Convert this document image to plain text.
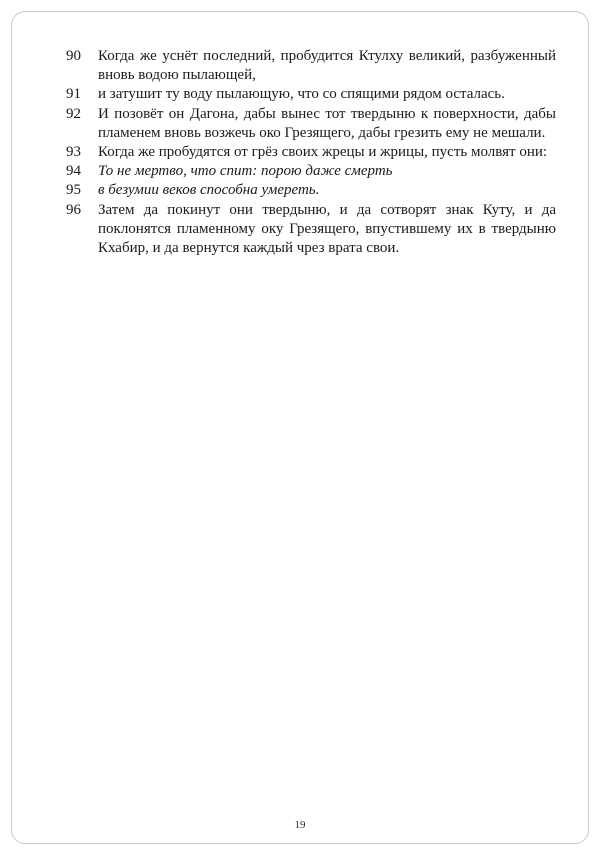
90	Когда же уснёт последний, пробудится Ктулху великий, разбуженный вновь водою пылающей,
91	и затушит ту воду пылающую, что со спящими рядом осталась.
92	И позовёт он Дагона, дабы вынес тот твердыню к поверхности, дабы пламенем вновь возжечь око Грезящего, дабы грезить ему не мешали.
93	Когда же пробудятся от грёз своих жрецы и жрицы, пусть молвят они:
94	То не мертво, что спит: порою даже смерть
95	в безумии веков способна умереть.
96	Затем да покинут они твердыню, и да сотворят знак Куту, и да поклонятся пламенному оку Грезящего, впустившему их в твердыню Кхабир, и да вернутся каждый чрез врата свои.
19
